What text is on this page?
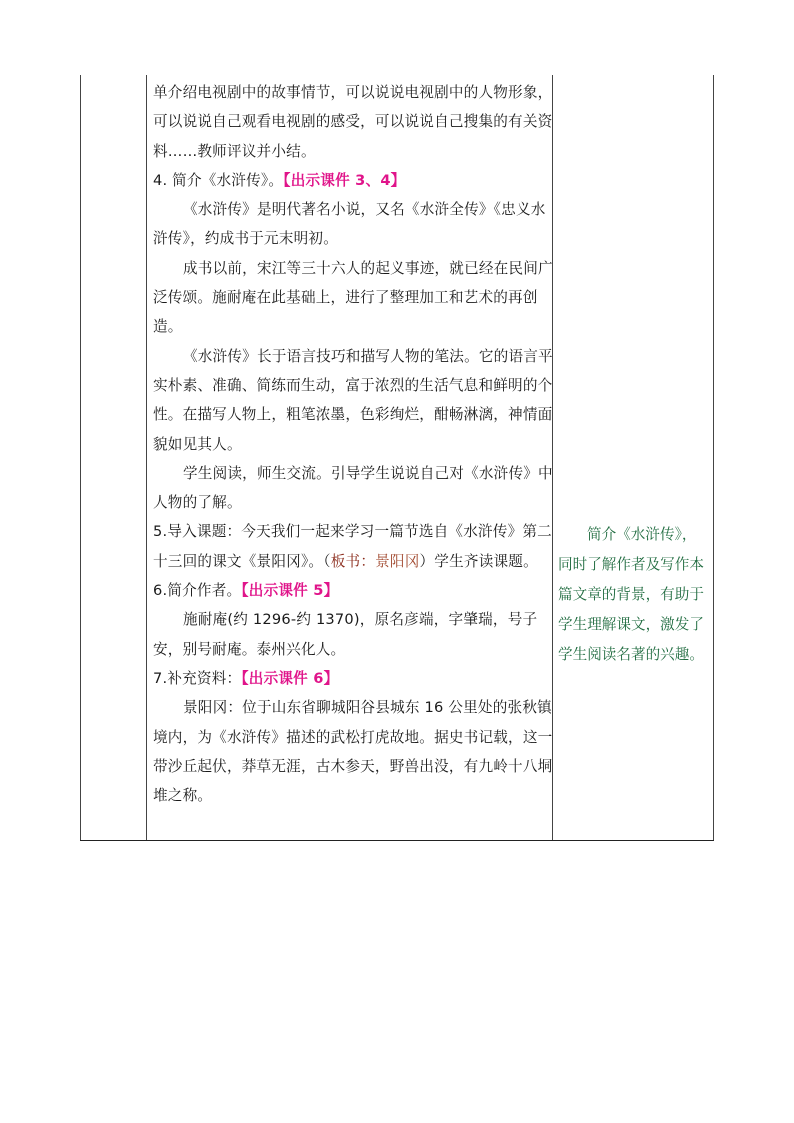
单介绍电视剧中的故事情节，可以说说电视剧中的人物形象，可以说说自己观看电视剧的感受，可以说说自己搜集的有关资料……教师评议并小结。

4. 简介《水浒传》。【出示课件 3、4】

《水浒传》是明代著名小说，又名《水浒全传》《忠义水浒传》，约成书于元末明初。

成书以前，宋江等三十六人的起义事迹，就已经在民间广泛传颂。施耐庵在此基础上，进行了整理加工和艺术的再创造。

《水浒传》长于语言技巧和描写人物的笔法。它的语言平实朴素、准确、简练而生动，富于浓烈的生活气息和鲜明的个性。在描写人物上，粗笔浓墨，色彩绚烂，酣畅淋漓，神情面貌如见其人。

学生阅读，师生交流。引导学生说说自己对《水浒传》中人物的了解。

5.导入课题：今天我们一起来学习一篇节选自《水浒传》第二十三回的课文《景阳冈》。（板书：景阳冈）学生齐读课题。

6.简介作者。【出示课件 5】

施耐庵(约 1296-约 1370)，原名彦端，字肇瑞，号子安，别号耐庵。泰州兴化人。

7.补充资料：【出示课件 6】

景阳冈：位于山东省聊城阳谷县城东 16 公里处的张秋镇境内，为《水浒传》描述的武松打虎故地。据史书记载，这一带沙丘起伏，莽草无涯，古木参天，野兽出没，有九岭十八垌堆之称。

简介《水浒传》，同时了解作者及写作本篇文章的背景，有助于学生理解课文，激发了学生阅读名著的兴趣。
